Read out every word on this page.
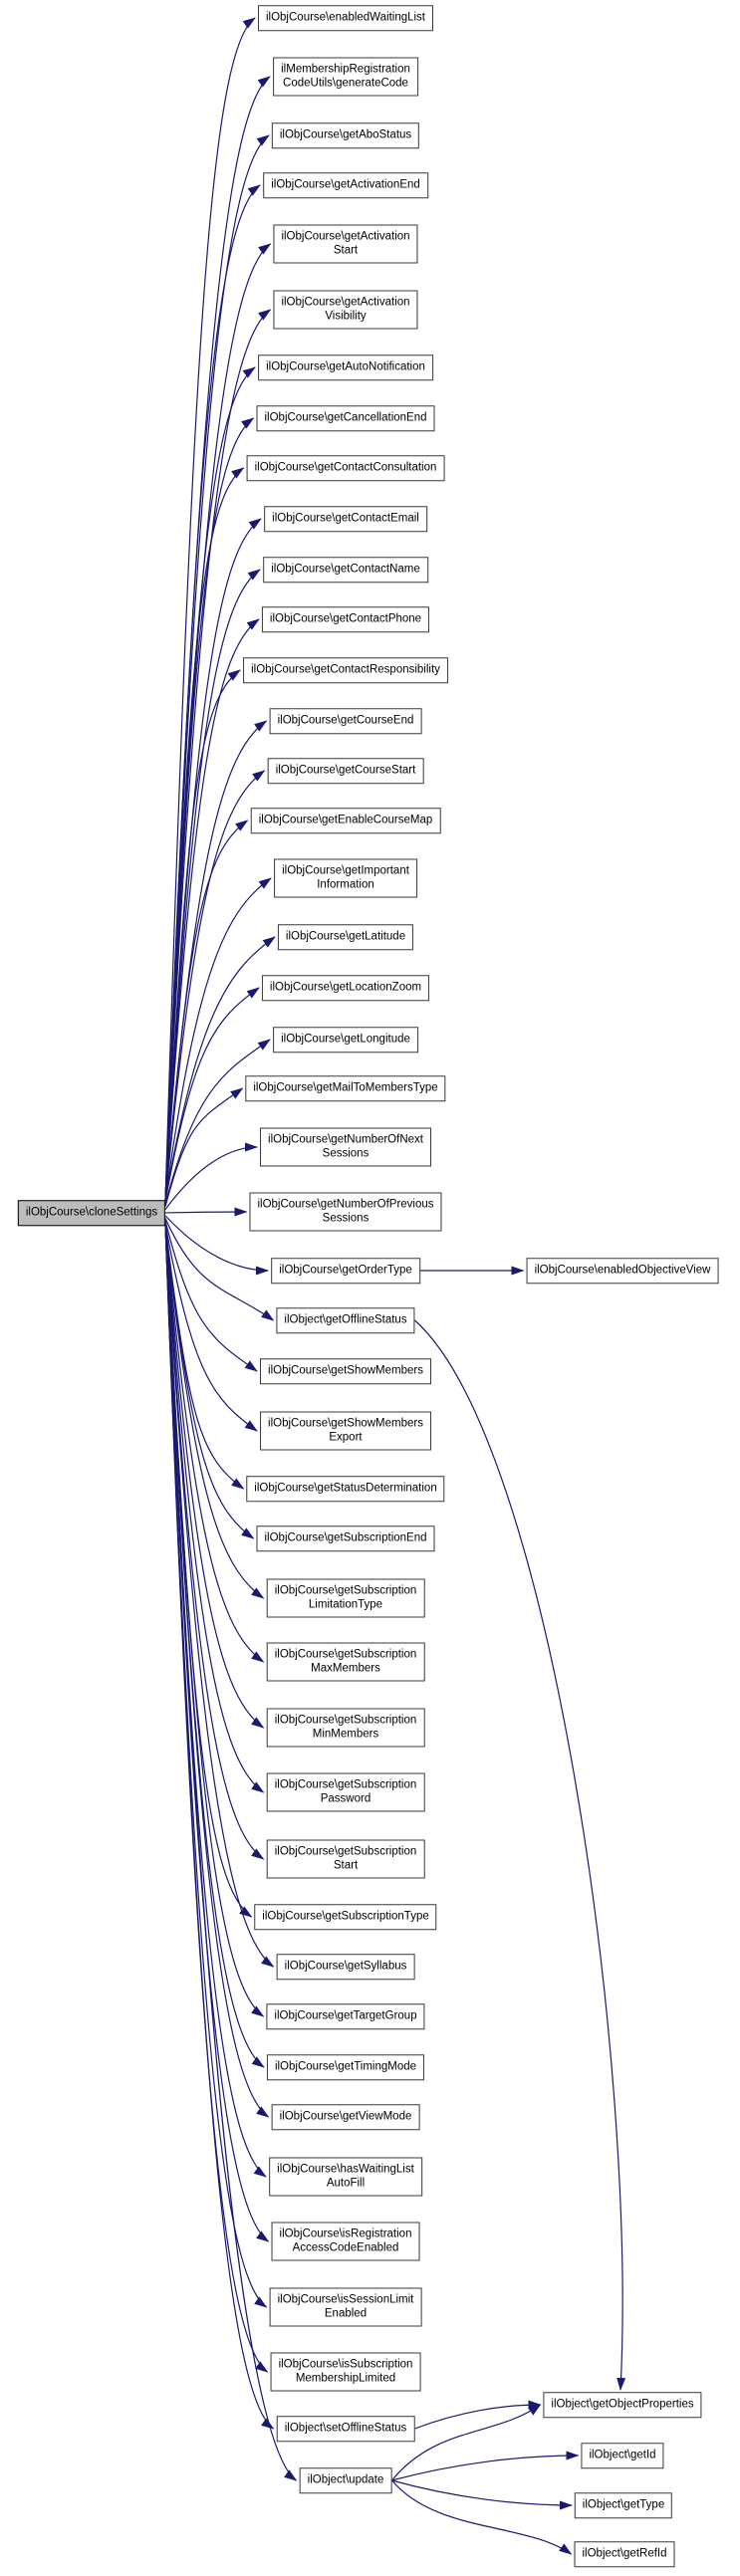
ilObjCourse\cloneSettings
ilObjCourse\enabledWaitingList
ilMembershipRegistration
CodeUtils\generateCode
ilObjCourse\getAboStatus
ilObjCourse\getActivationEnd
ilObjCourse\getActivation
Start
ilObjCourse\getActivation
Visibility
ilObjCourse\getAutoNotification
ilObjCourse\getCancellationEnd
ilObjCourse\getContactConsultation
ilObjCourse\getContactEmail
ilObjCourse\getContactName
ilObjCourse\getContactPhone
ilObjCourse\getContactResponsibility
ilObjCourse\getCourseEnd
ilObjCourse\getCourseStart
ilObjCourse\getEnableCourseMap
ilObjCourse\getImportant
Information
ilObjCourse\getLatitude
ilObjCourse\getLocationZoom
ilObjCourse\getLongitude
ilObjCourse\getMailToMembersType
ilObjCourse\getNumberOfNext
Sessions
ilObjCourse\getNumberOfPrevious
Sessions
ilObjCourse\getOrderType
ilObject\getOfflineStatus
ilObjCourse\getShowMembers
ilObjCourse\getShowMembers
Export
ilObjCourse\getStatusDetermination
ilObjCourse\getSubscriptionEnd
ilObjCourse\getSubscription
LimitationType
ilObjCourse\getSubscription
MaxMembers
ilObjCourse\getSubscription
MinMembers
ilObjCourse\getSubscription
Password
ilObjCourse\getSubscription
Start
ilObjCourse\getSubscriptionType
ilObjCourse\getSyllabus
ilObjCourse\getTargetGroup
ilObjCourse\getTimingMode
ilObjCourse\getViewMode
ilObjCourse\hasWaitingList
AutoFill
ilObjCourse\isRegistration
AccessCodeEnabled
ilObjCourse\isSessionLimit
Enabled
ilObjCourse\isSubscription
MembershipLimited
ilObject\setOfflineStatus
ilObject\update
ilObjCourse\enabledObjectiveView
ilObject\getObjectProperties
ilObject\getId
ilObject\getType
ilObject\getRefId
